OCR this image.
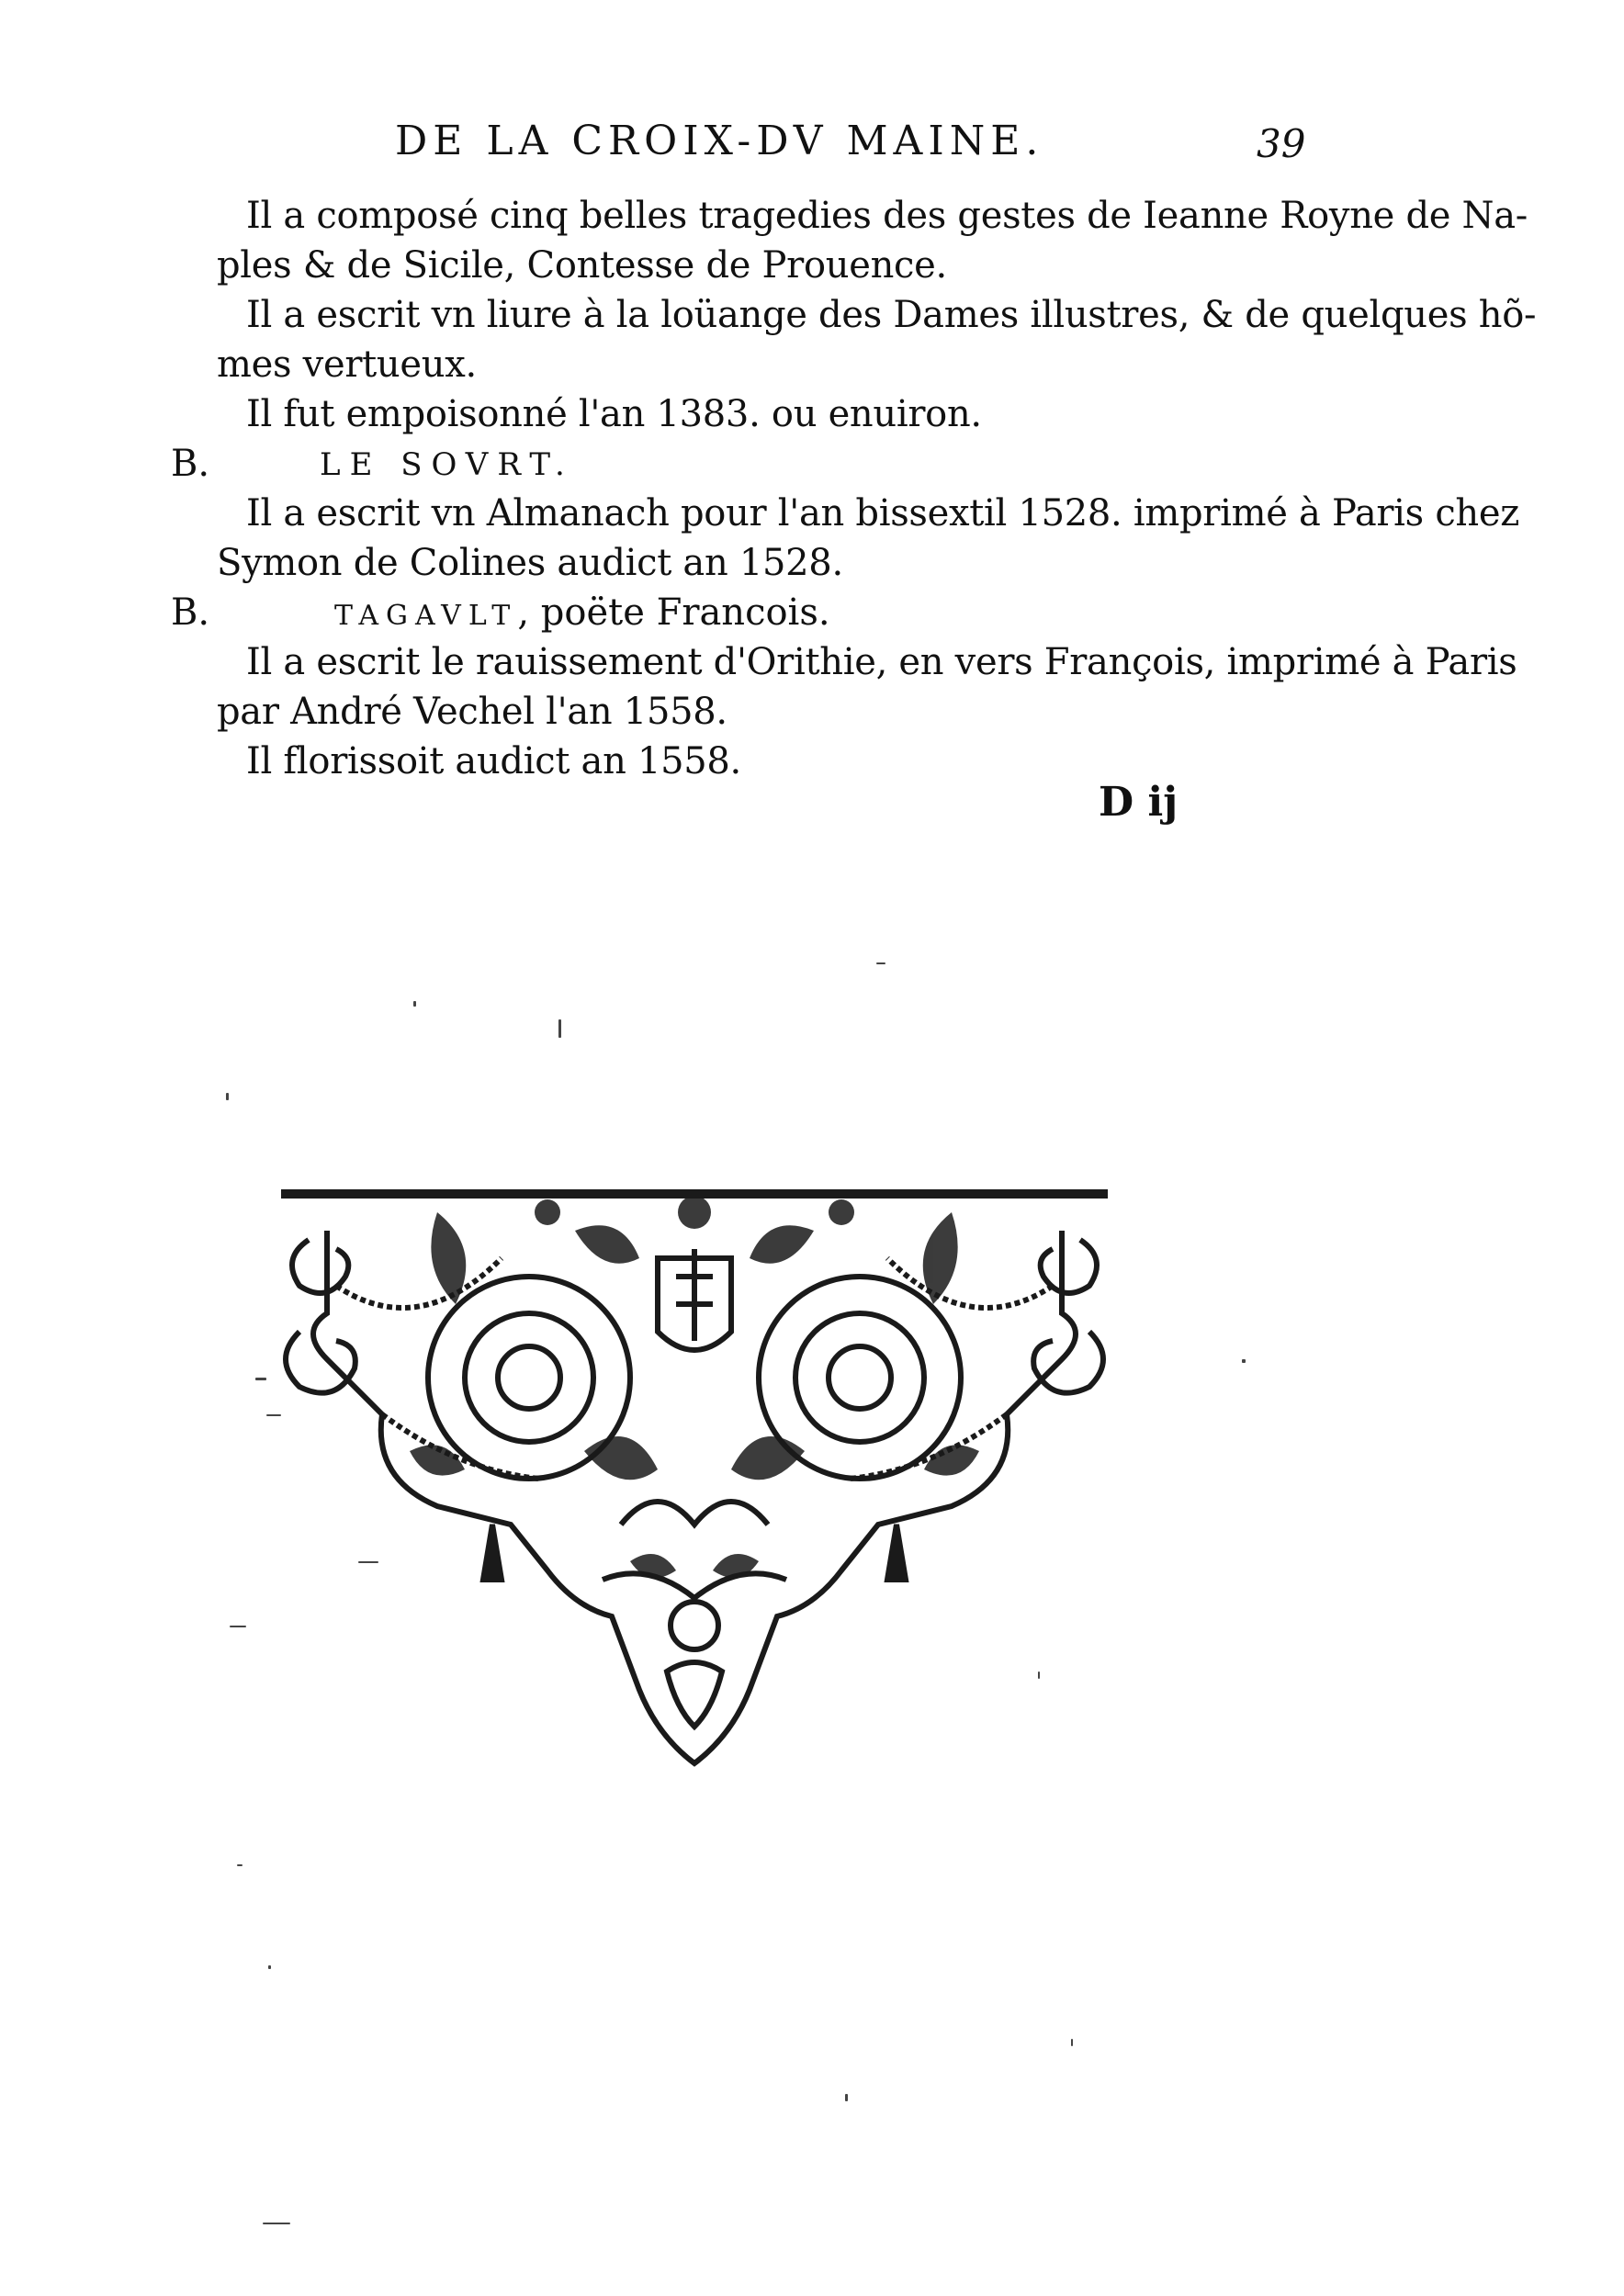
DE LA CROIX-DV MAINE.	39
Il a composé cinq belles tragedies des gestes de Ieanne Royne de Na-
ples & de Sicile, Contesse de Prouence.
Il a escrit vn liure à la loüange des Dames illustres, & de quelques hõ-
mes vertueux.
Il fut empoisonné l'an 1383. ou enuiron.
B.	LE SOVRT.
Il a escrit vn Almanach pour l'an bissextil 1528. imprimé à Paris chez
Symon de Colines audict an 1528.
B.	TAGAVLT, poëte Francois.
Il a escrit le rauissement d'Orithie, en vers François, imprimé à Paris
par André Vechel l'an 1558.
Il florissoit audict an 1558.
D ij
